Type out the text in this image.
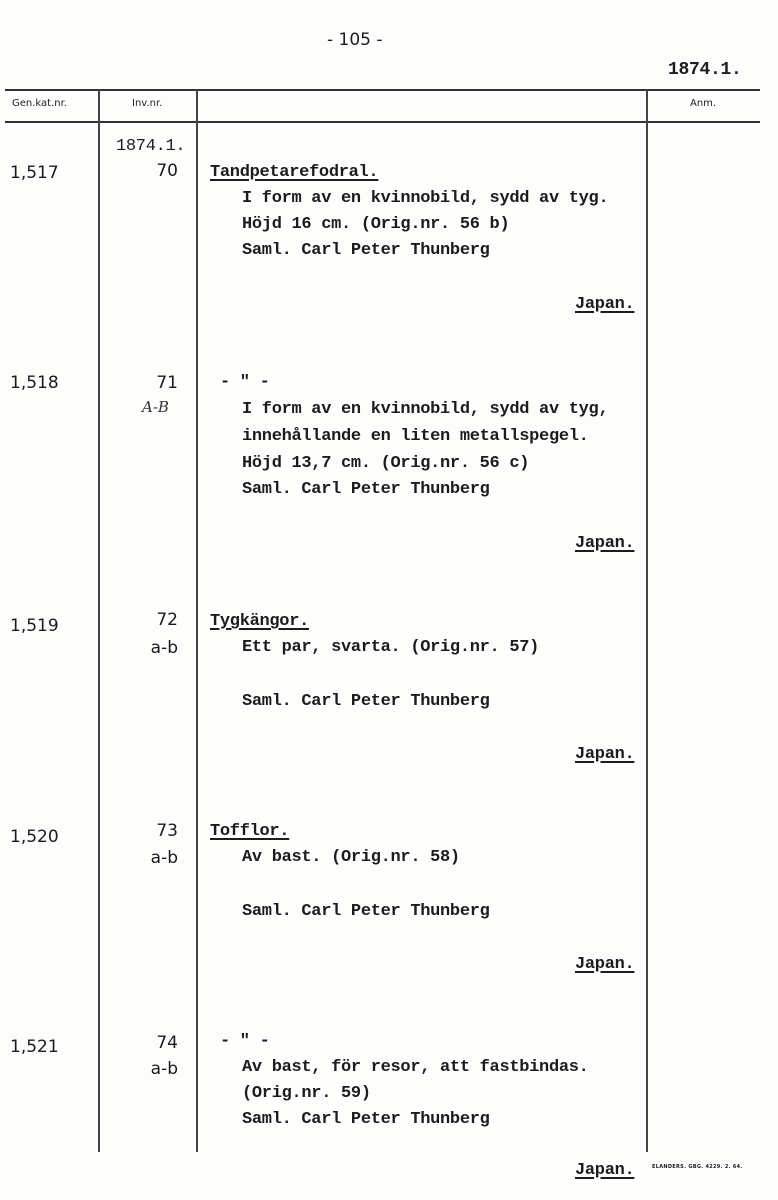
- 105 -
1874.1.
Gen.kat.nr.	Inv.nr.	Anm.
1874.1.
1,517	70 Tandpetarefodral.
I form av en kvinnobild, sydd av tyg.
Höjd 16 cm. (Orig.nr. 56 b)
Saml. Carl Peter Thunberg
Japan.
1,518	71
A-B
- " -
I form av en kvinnobild, sydd av tyg,
innehållande en liten metallspegel.
Höjd 13,7 cm. (Orig.nr. 56 c)
Saml. Carl Peter Thunberg
Japan.
1,519	72
a-b
Tygkängor.
Ett par, svarta. (Orig.nr. 57)
Saml. Carl Peter Thunberg
Japan.
1,520	73
a-b
Tofflor.
Av bast. (Orig.nr. 58)
Saml. Carl Peter Thunberg
Japan.
1,521	74
a-b
- " -
Av bast, för resor, att fastbindas.
(Orig.nr. 59)
Saml. Carl Peter Thunberg
Japan.	ELANDERS. GBG. 4229. 2. 64.
